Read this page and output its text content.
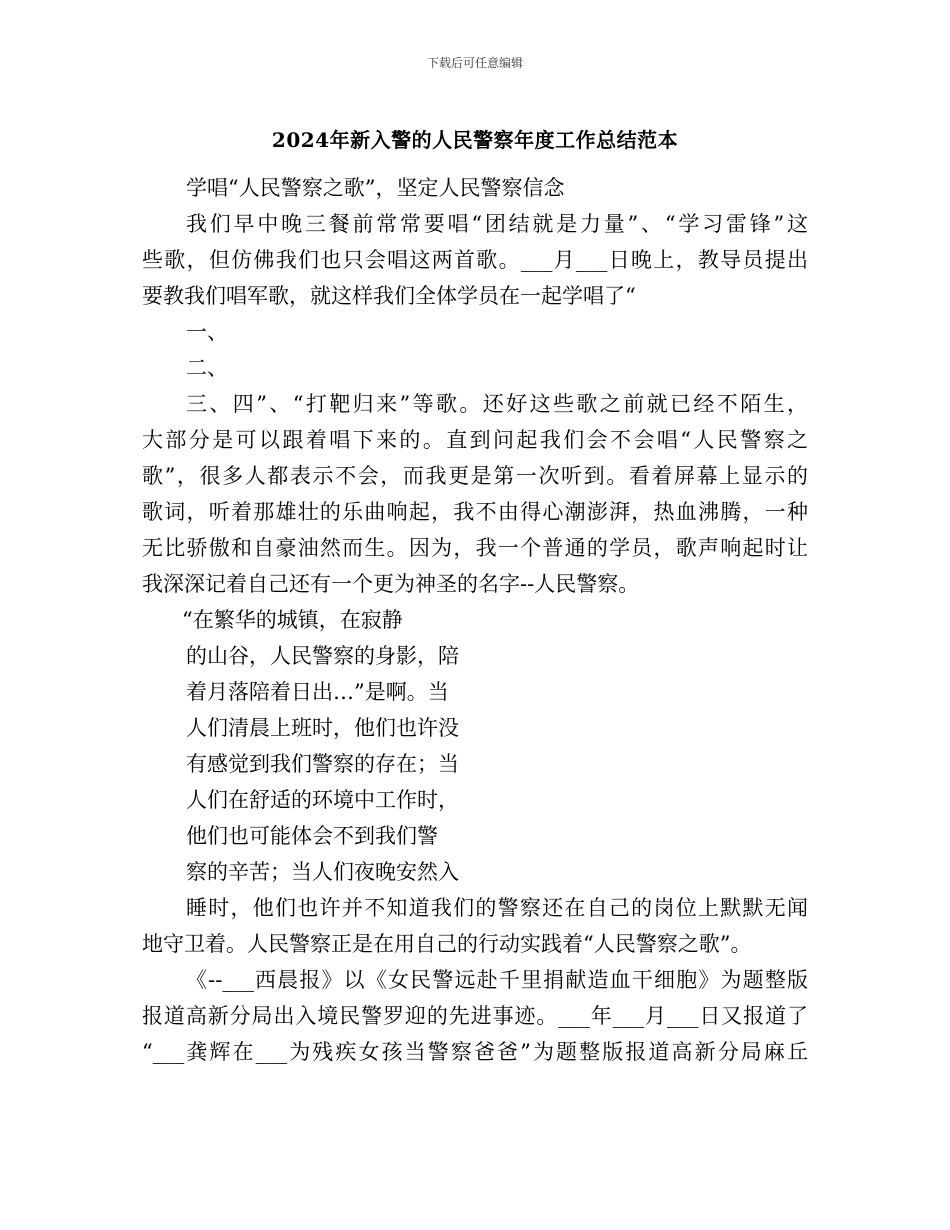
下载后可任意编辑
2024年新入警的人民警察年度工作总结范本
学唱“人民警察之歌”，坚定人民警察信念
我们早中晚三餐前常常要唱“团结就是力量”、“学习雷锋”这
些歌，但仿佛我们也只会唱这两首歌。___月___日晚上，教导员提出
要教我们唱军歌，就这样我们全体学员在一起学唱了“
一、
二、
三、四”、“打靶归来”等歌。还好这些歌之前就已经不陌生，
大部分是可以跟着唱下来的。直到问起我们会不会唱“人民警察之
歌”，很多人都表示不会，而我更是第一次听到。看着屏幕上显示的
歌词，听着那雄壮的乐曲响起，我不由得心潮澎湃，热血沸腾，一种
无比骄傲和自豪油然而生。因为，我一个普通的学员，歌声响起时让
我深深记着自己还有一个更为神圣的名字--人民警察。
“在繁华的城镇，在寂静
的山谷，人民警察的身影，陪
着月落陪着日出…”是啊。当
人们清晨上班时，他们也许没
有感觉到我们警察的存在；当
人们在舒适的环境中工作时，
他们也可能体会不到我们警
察的辛苦；当人们夜晚安然入
睡时，他们也许并不知道我们的警察还在自己的岗位上默默无闻
地守卫着。人民警察正是在用自己的行动实践着“人民警察之歌”。
《--___西晨报》以《女民警远赴千里捐献造血干细胞》为题整版
报道高新分局出入境民警罗迎的先进事迹。___年___月___日又报道了
“___龚辉在___为残疾女孩当警察爸爸”为题整版报道高新分局麻丘
